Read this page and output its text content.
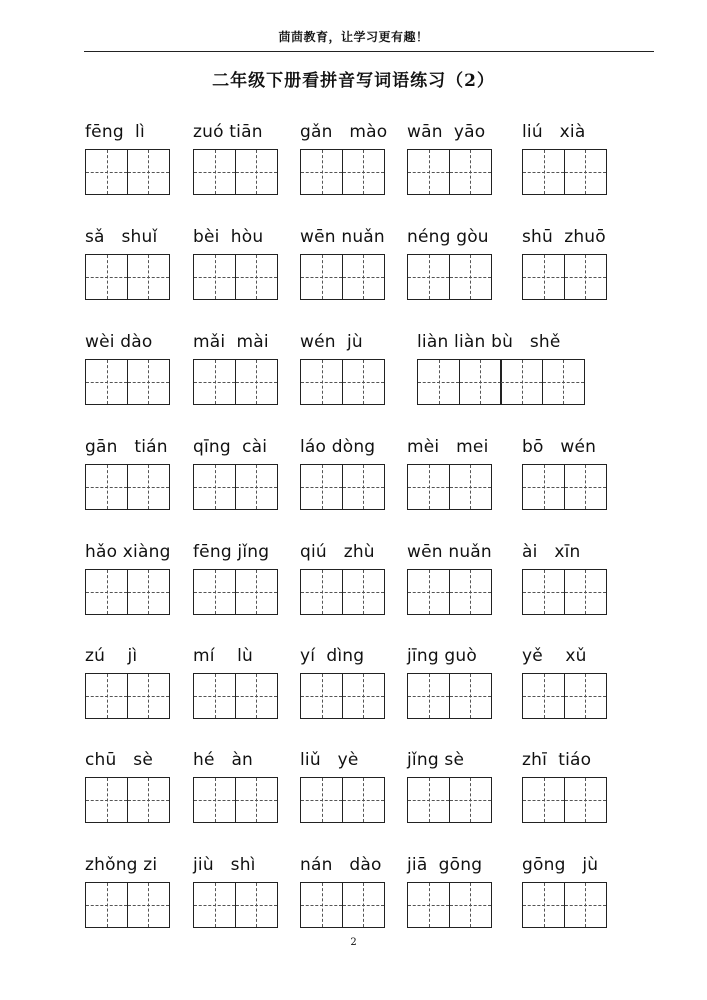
茴茴教育，让学习更有趣！
二年级下册看拼音写词语练习（2）
fēng  lì	zuó tiān gǎn   mào wān  yāo liú   xià
sǎ   shuǐ bèi  hòu wēn nuǎn néng gòu shū  zhuō
wèi dào mǎi  mài wén  jù	liàn liàn bù   shě
gān   tián qīng  cài láo dòng mèi   mei bō   wén
hǎo xiàng fēng jǐng qiú   zhù wēn nuǎn ài   xīn
zú    jì	mí    lù	yí  dìng	jīng guò	yě    xǔ
chū   sè hé   àn	liǔ   yè	jǐng sè	zhī  tiáo
zhǒng zi jiù   shì	nán   dào jiā  gōng gōng   jù
2
